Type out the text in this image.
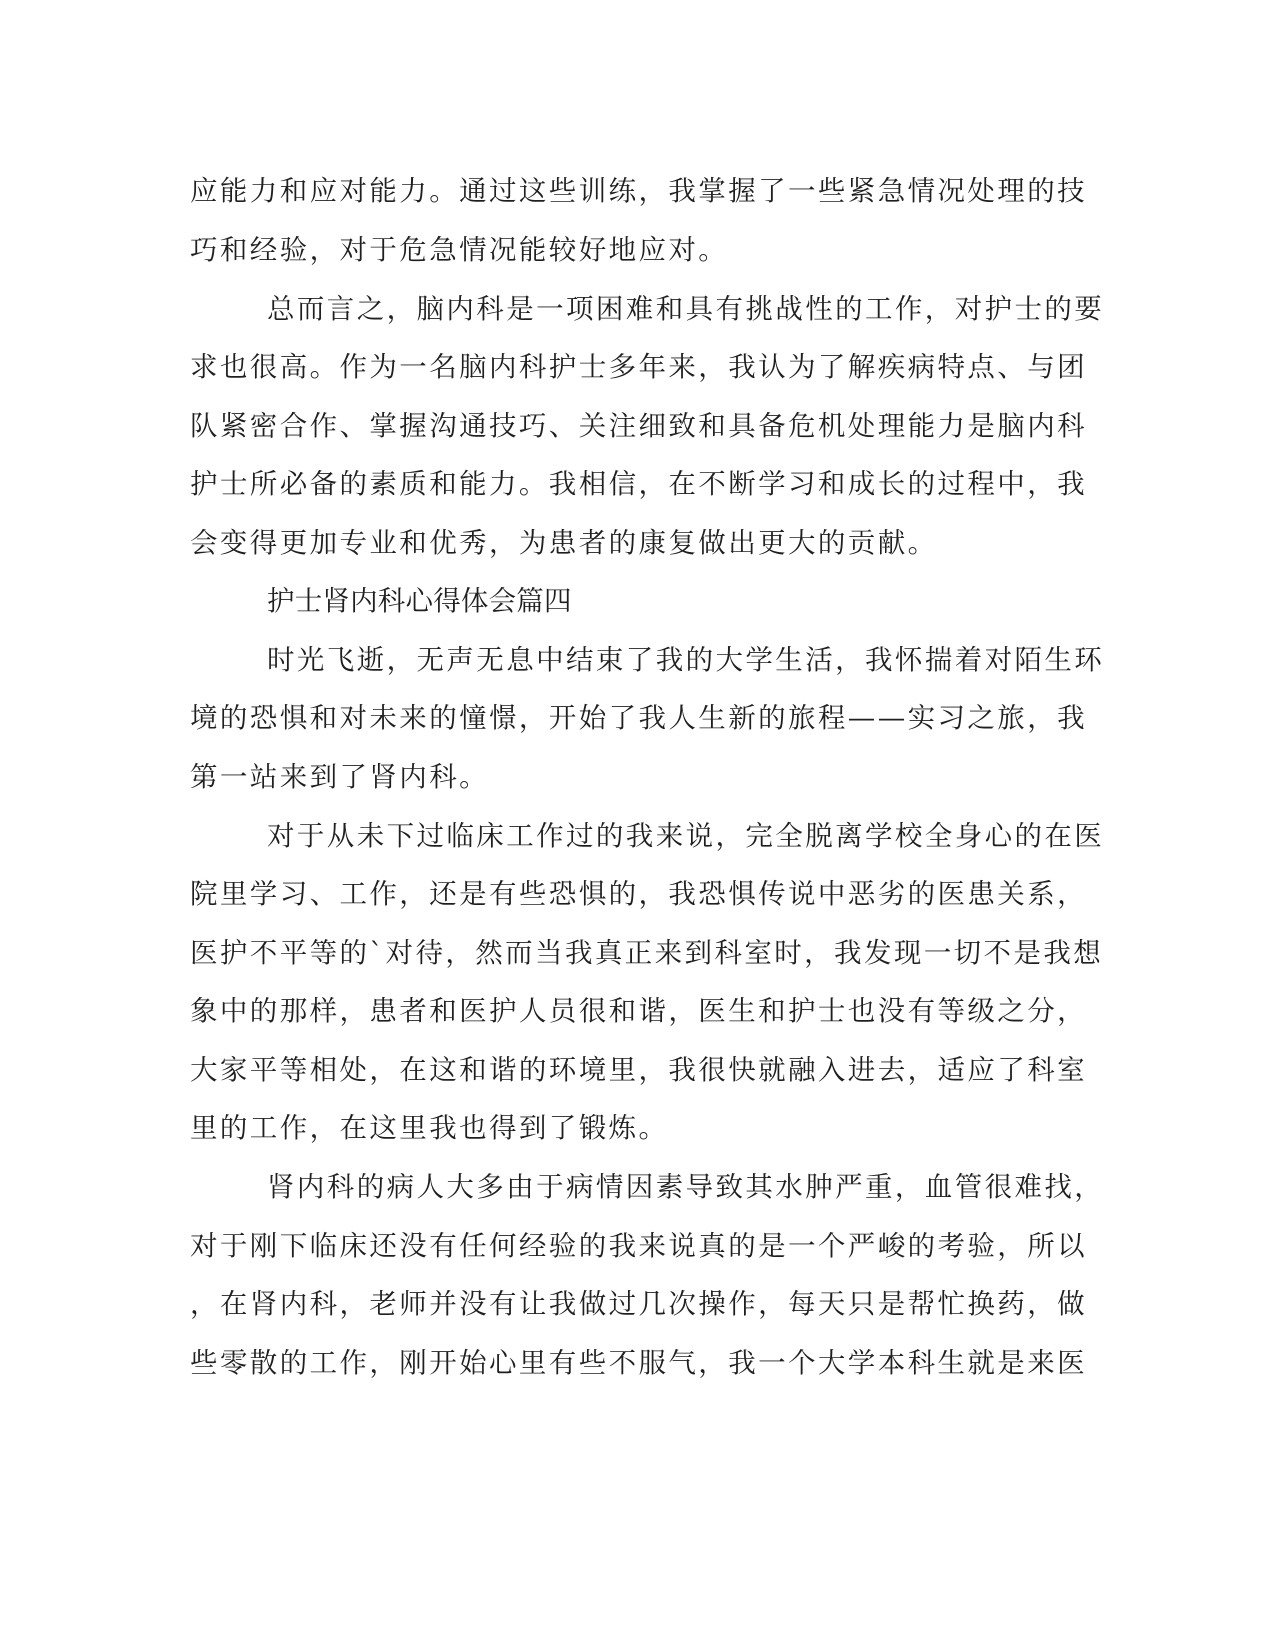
应能力和应对能力。通过这些训练，我掌握了一些紧急情况处理的技

巧和经验，对于危急情况能较好地应对。

总而言之，脑内科是一项困难和具有挑战性的工作，对护士的要

求也很高。作为一名脑内科护士多年来，我认为了解疾病特点、与团

队紧密合作、掌握沟通技巧、关注细致和具备危机处理能力是脑内科

护士所必备的素质和能力。我相信，在不断学习和成长的过程中，我

会变得更加专业和优秀，为患者的康复做出更大的贡献。

护士肾内科心得体会篇四

时光飞逝，无声无息中结束了我的大学生活，我怀揣着对陌生环

境的恐惧和对未来的憧憬，开始了我人生新的旅程——实习之旅，我

第一站来到了肾内科。

对于从未下过临床工作过的我来说，完全脱离学校全身心的在医

院里学习、工作，还是有些恐惧的，我恐惧传说中恶劣的医患关系，

医护不平等的`对待，然而当我真正来到科室时，我发现一切不是我想

象中的那样，患者和医护人员很和谐，医生和护士也没有等级之分，

大家平等相处，在这和谐的环境里，我很快就融入进去，适应了科室

里的工作，在这里我也得到了锻炼。

肾内科的病人大多由于病情因素导致其水肿严重，血管很难找，

对于刚下临床还没有任何经验的我来说真的是一个严峻的考验，所以

，在肾内科，老师并没有让我做过几次操作，每天只是帮忙换药，做

些零散的工作，刚开始心里有些不服气，我一个大学本科生就是来医
